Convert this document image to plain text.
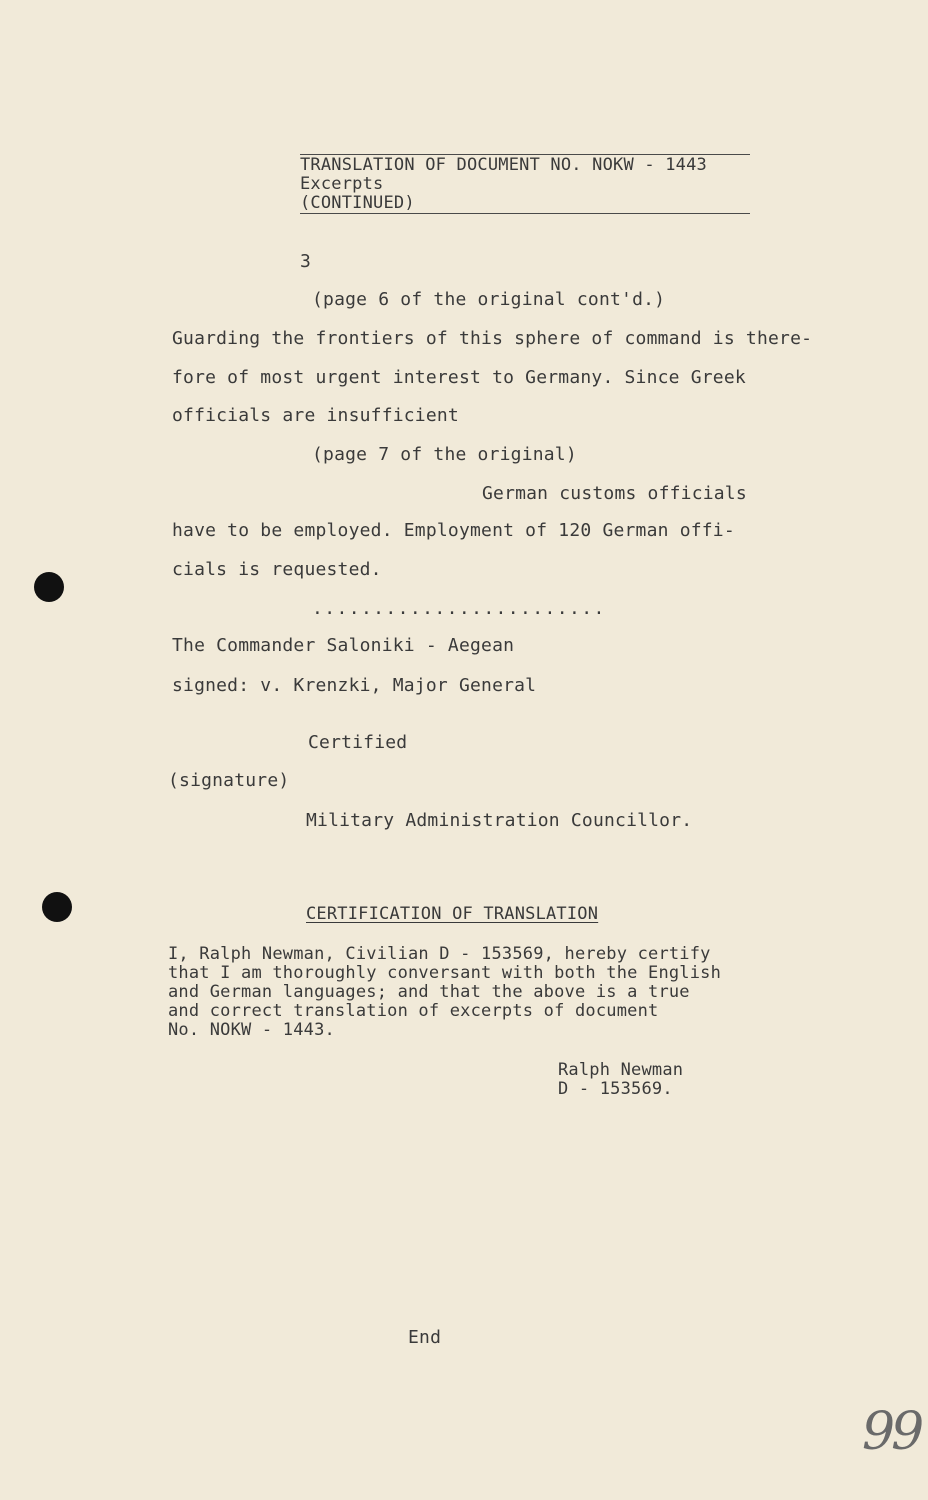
TRANSLATION OF DOCUMENT NO. NOKW - 1443
Excerpts
(CONTINUED)
3
(page 6 of the original cont'd.)
Guarding the frontiers of this sphere of command is there-
fore of most urgent interest to Germany. Since Greek
officials are insufficient
(page 7 of the original)
German customs officials
have to be employed. Employment of 120 German offi-
cials is requested.
........................
The Commander Saloniki - Aegean
signed: v. Krenzki, Major General
Certified
(signature)
Military Administration Councillor.
CERTIFICATION OF TRANSLATION
I, Ralph Newman, Civilian D - 153569, hereby certify
that I am thoroughly conversant with both the English
and German languages; and that the above is a true
and correct translation of excerpts of document
No. NOKW - 1443.
Ralph Newman
D - 153569.
End
99
